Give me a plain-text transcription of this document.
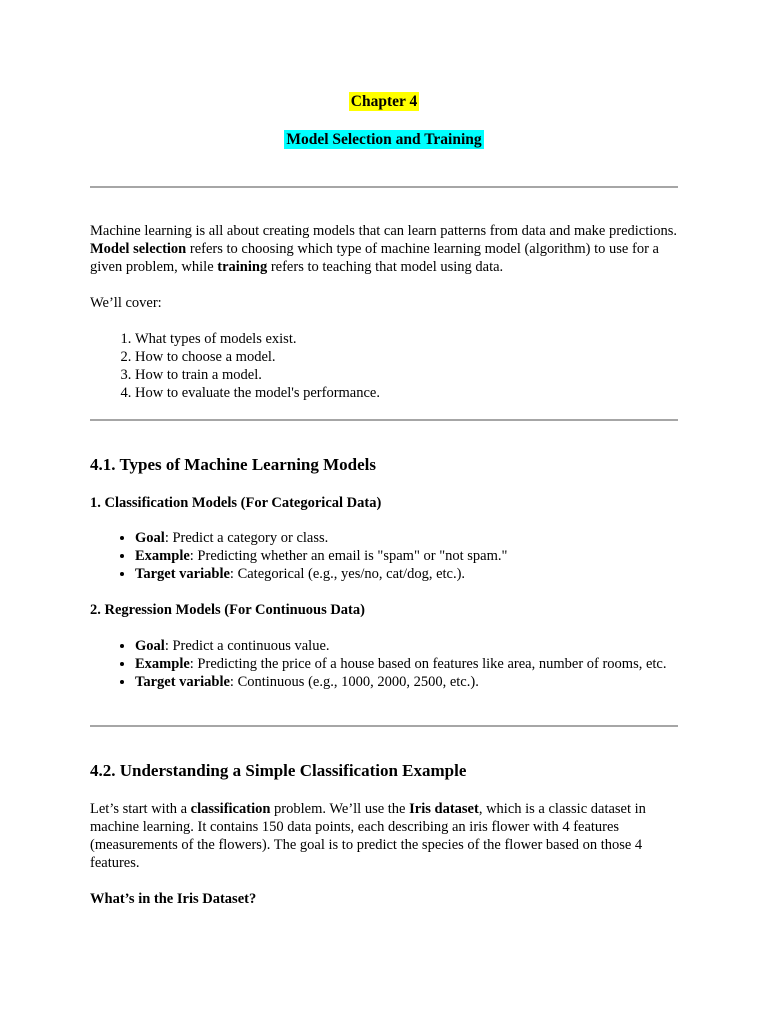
Chapter 4
Model Selection and Training

Machine learning is all about creating models that can learn patterns from data and make predictions. Model selection refers to choosing which type of machine learning model (algorithm) to use for a given problem, while training refers to teaching that model using data.

We’ll cover:

1. What types of models exist.
2. How to choose a model.
3. How to train a model.
4. How to evaluate the model's performance.
4.1. Types of Machine Learning Models
1. Classification Models (For Categorical Data)
• Goal: Predict a category or class.
• Example: Predicting whether an email is "spam" or "not spam."
• Target variable: Categorical (e.g., yes/no, cat/dog, etc.).
2. Regression Models (For Continuous Data)
• Goal: Predict a continuous value.
• Example: Predicting the price of a house based on features like area, number of rooms, etc.
• Target variable: Continuous (e.g., 1000, 2000, 2500, etc.).
4.2. Understanding a Simple Classification Example

Let’s start with a classification problem. We’ll use the Iris dataset, which is a classic dataset in machine learning. It contains 150 data points, each describing an iris flower with 4 features (measurements of the flowers). The goal is to predict the species of the flower based on those 4 features.

What’s in the Iris Dataset?
